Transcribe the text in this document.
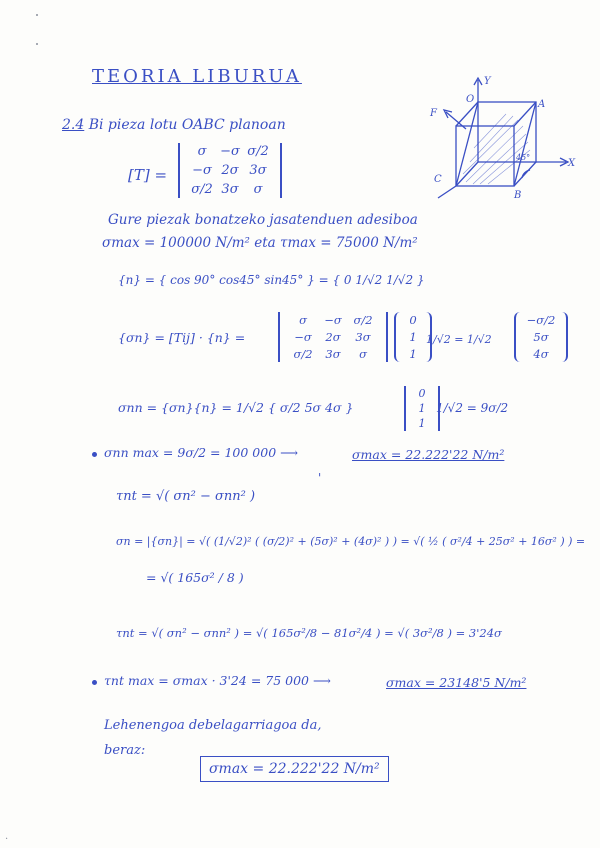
TEORIA LIBURUA
2.4 Bi pieza lotu OABC planoan
[T] =
σ	−σ σ/2
−σ 2σ 3σ
σ/2 3σ	σ
Y
X
O	A
B
C
F
45°
Gure piezak bonatzeko jasatenduen adesiboa
σmax = 100000 N/m² eta τmax = 75000 N/m²
{n} = { cos 90° cos45° sin45° } = { 0 1/√2 1/√2 }
{σn} = [Tij] · {n} =
σ	−σ	σ/2
−σ	2σ	3σ
σ/2	3σ	σ
0
1
1
1/√2 = 1/√2
−σ/2
5σ
4σ
σnn = {σn}{n} = 1/√2 { σ/2 5σ 4σ }
0
1
1
1/√2 = 9σ/2
σnn max = 9σ/2 = 100 000 ⟶	σmax = 22.222'22 N/m²
'
τnt = √( σn² − σnn² )
σn = |{σn}| = √( (1/√2)² ( (σ/2)² + (5σ)² + (4σ)² ) ) = √( ½ ( σ²/4 + 25σ² + 16σ² ) ) =
= √( 165σ² / 8 )
τnt = √( σn² − σnn² ) = √( 165σ²/8 − 81σ²/4 ) = √( 3σ²/8 ) = 3'24σ
τnt max = σmax · 3'24 = 75 000 ⟶	σmax = 23148'5 N/m²
Lehenengoa debelagarriagoa da,
beraz:
σmax = 22.222'22 N/m²
.
